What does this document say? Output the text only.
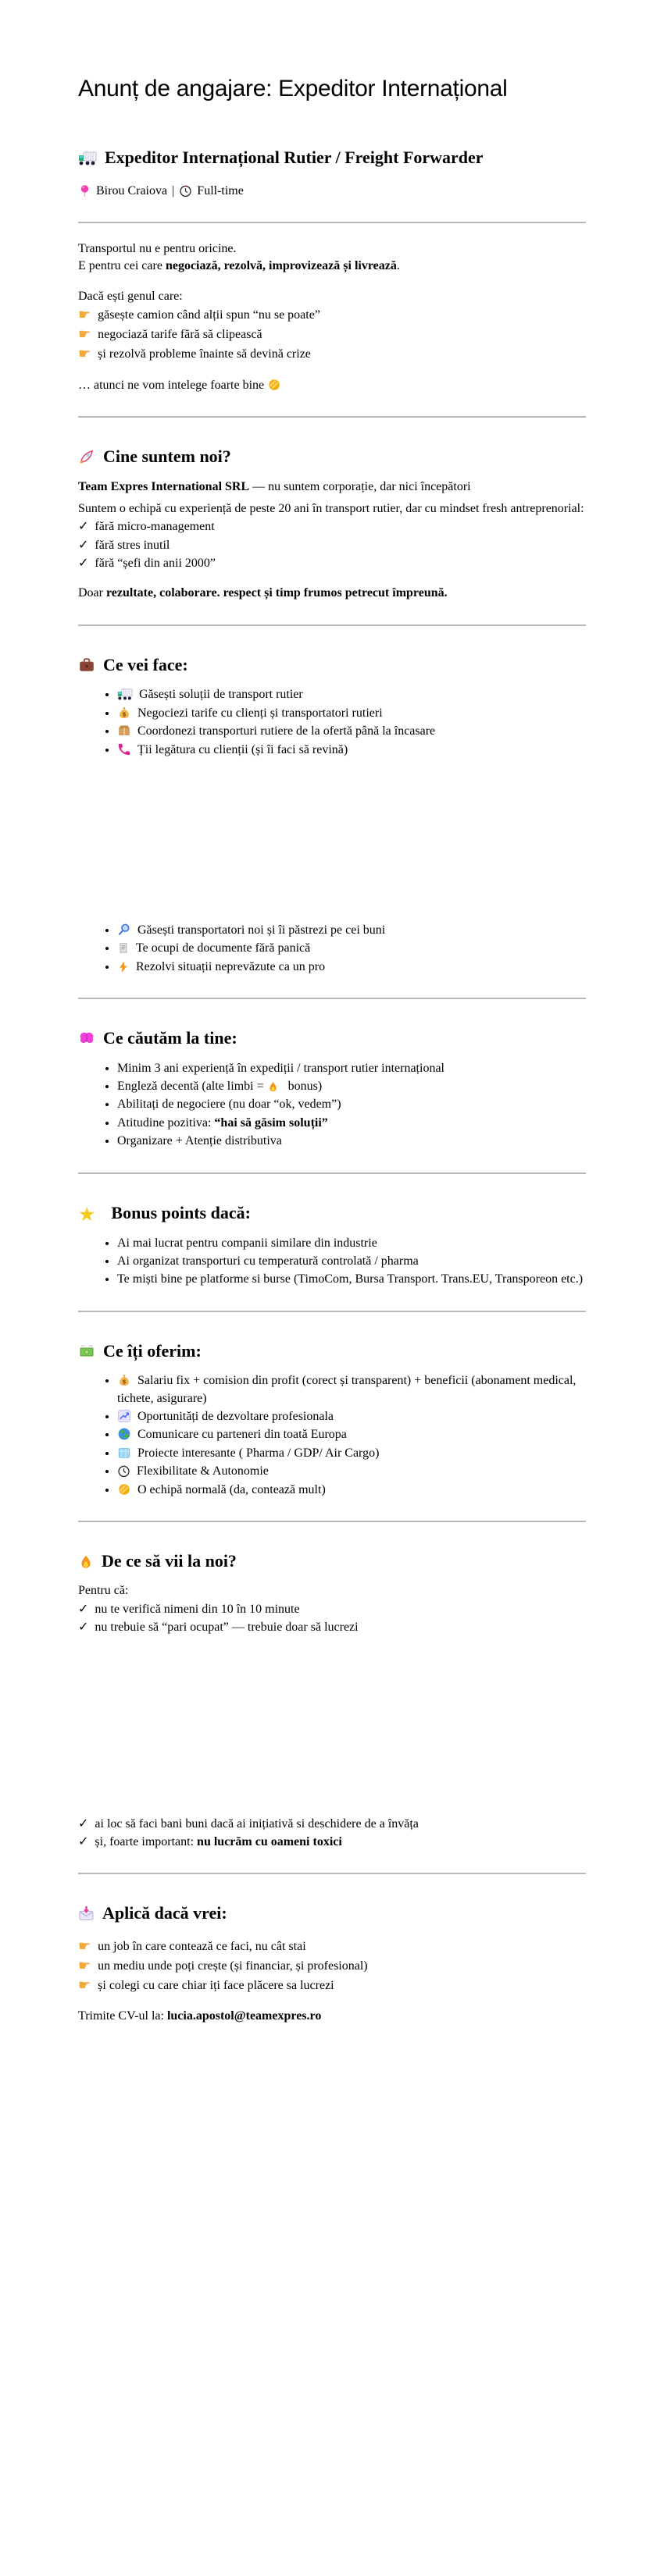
Anunț de angajare: Expeditor Internațional
Expeditor Internațional Rutier / Freight Forwarder

Birou Craiova | Full-time

Transportul nu e pentru oricine.

E pentru cei care negociază, rezolvă, improvizează și livrează.

Dacă ești genul care:

☛ găsește camion când alții spun “nu se poate”

☛ negociază tarife fără să clipească

☛ și rezolvă probleme înainte să devină crize

… atunci ne vom intelege foarte bine

Cine suntem noi?

Team Expres International SRL — nu suntem corporație, dar nici începători

Suntem o echipă cu experiență de peste 20 ani în transport rutier, dar cu mindset fresh antreprenorial:

✓ fără micro-management

✓ fără stres inutil

✓ fără “șefi din anii 2000”

Doar rezultate, colaborare. respect și timp frumos petrecut împreună.

Ce vei face:
• Găsești soluții de transport rutier
• $ Negociezi tarife cu clienți și transportatori rutieri
• Coordonezi transporturi rutiere de la ofertă până la încasare
• Ții legătura cu clienții (și îi faci să revină)
• Găsești transportatori noi și îi păstrezi pe cei buni
• Te ocupi de documente fără panică
• Rezolvi situații neprevăzute ca un pro
Ce căutăm la tine:
• Minim 3 ani experiență în expediții / transport rutier internațional
• Engleză decentă (alte limbi =  bonus)
• Abilitați de negociere (nu doar “ok, vedem”)
• Atitudine pozitiva: “hai să găsim soluții”
• Organizare + Atenție distributiva
★ Bonus points dacă:
• Ai mai lucrat pentru companii similare din industrie
• Ai organizat transporturi cu temperatură controlată / pharma
• Te miști bine pe platforme si burse (TimoCom, Bursa Transport. Trans.EU, Transporeon etc.)
Ce îți oferim:
• $ Salariu fix + comision din profit (corect și transparent) + beneficii (abonament medical, tichete, asigurare)
• Oportunități de dezvoltare profesionala
• Comunicare cu parteneri din toată Europa
• Proiecte interesante ( Pharma / GDP/ Air Cargo)
• Flexibilitate & Autonomie
• O echipă normală (da, contează mult)
De ce să vii la noi?

Pentru că:

✓ nu te verifică nimeni din 10 în 10 minute

✓ nu trebuie să “pari ocupat” — trebuie doar să lucrezi

✓ ai loc să faci bani buni dacă ai inițiativă si deschidere de a învăța

✓ și, foarte important: nu lucrăm cu oameni toxici

Aplică dacă vrei:

☛ un job în care contează ce faci, nu cât stai

☛ un mediu unde poți crește (și financiar, și profesional)

☛ și colegi cu care chiar iți face plăcere sa lucrezi

Trimite CV-ul la: lucia.apostol@teamexpres.ro
